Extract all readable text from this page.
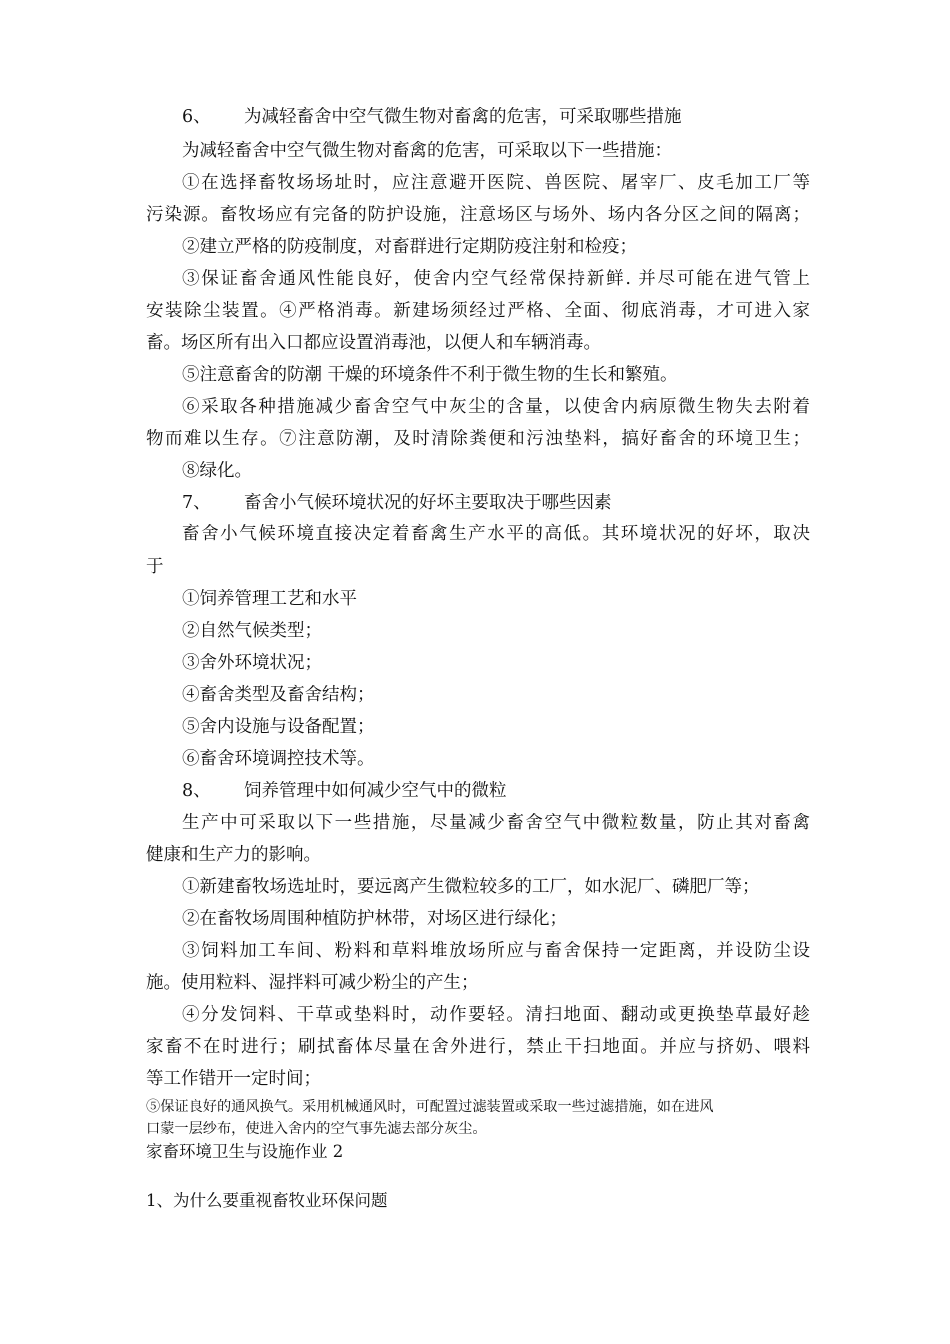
6、 为减轻畜舍中空气微生物对畜禽的危害，可采取哪些措施
为减轻畜舍中空气微生物对畜禽的危害，可采取以下一些措施：
①在选择畜牧场场址时，应注意避开医院、兽医院、屠宰厂、皮毛加工厂等
污染源。畜牧场应有完备的防护设施，注意场区与场外、场内各分区之间的隔离；
②建立严格的防疫制度，对畜群进行定期防疫注射和检疫；
③保证畜舍通风性能良好，使舍内空气经常保持新鲜. 并尽可能在进气管上
安装除尘装置。④严格消毒。新建场须经过严格、全面、彻底消毒，才可进入家
畜。场区所有出入口都应设置消毒池，以便人和车辆消毒。
⑤注意畜舍的防潮 干燥的环境条件不利于微生物的生长和繁殖。
⑥采取各种措施减少畜舍空气中灰尘的含量，以使舍内病原微生物失去附着
物而难以生存。⑦注意防潮，及时清除粪便和污浊垫料，搞好畜舍的环境卫生；
⑧绿化。
7、 畜舍小气候环境状况的好坏主要取决于哪些因素
畜舍小气候环境直接决定着畜禽生产水平的高低。其环境状况的好坏，取决
于
①饲养管理工艺和水平
②自然气候类型；
③舍外环境状况；
④畜舍类型及畜舍结构；
⑤舍内设施与设备配置；
⑥畜舍环境调控技术等。
8、 饲养管理中如何减少空气中的微粒
生产中可采取以下一些措施，尽量减少畜舍空气中微粒数量，防止其对畜禽
健康和生产力的影响。
①新建畜牧场选址时，要远离产生微粒较多的工厂，如水泥厂、磷肥厂等；
②在畜牧场周围种植防护林带，对场区进行绿化；
③饲料加工车间、粉料和草料堆放场所应与畜舍保持一定距离，并设防尘设
施。使用粒料、湿拌料可减少粉尘的产生；
④分发饲料、干草或垫料时，动作要轻。清扫地面、翻动或更换垫草最好趁
家畜不在时进行；刷拭畜体尽量在舍外进行，禁止干扫地面。并应与挤奶、喂料
等工作错开一定时间；
⑤保证良好的通风换气。采用机械通风时，可配置过滤装置或采取一些过滤措施，如在进风
口蒙一层纱布，使进入舍内的空气事先滤去部分灰尘。
家畜环境卫生与设施作业 2
1、为什么要重视畜牧业环保问题
